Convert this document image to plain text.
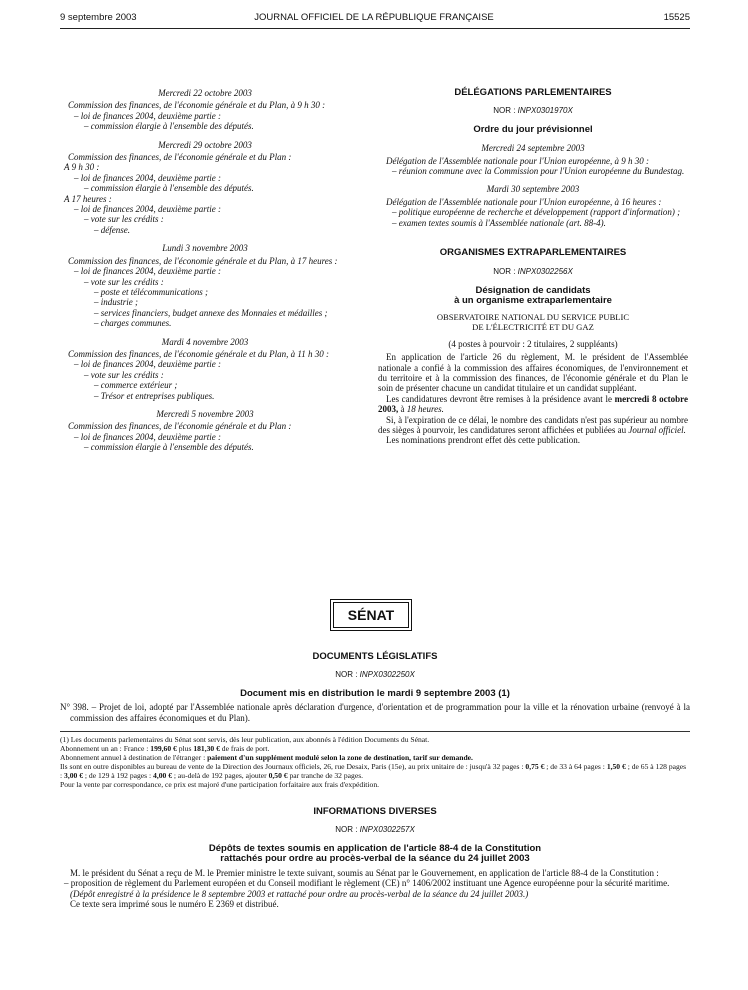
9 septembre 2003	JOURNAL OFFICIEL DE LA RÉPUBLIQUE FRANÇAISE	15525

Mercredi 22 octobre 2003

Commission des finances, de l'économie générale et du Plan, à 9 h 30 :

– loi de finances 2004, deuxième partie :

– commission élargie à l'ensemble des députés.

Mercredi 29 octobre 2003

Commission des finances, de l'économie générale et du Plan :

A 9 h 30 :

– loi de finances 2004, deuxième partie :

– commission élargie à l'ensemble des députés.

A 17 heures :

– loi de finances 2004, deuxième partie :

– vote sur les crédits :

– défense.

Lundi 3 novembre 2003

Commission des finances, de l'économie générale et du Plan, à 17 heures :

– loi de finances 2004, deuxième partie :

– vote sur les crédits :

– poste et télécommunications ;

– industrie ;

– services financiers, budget annexe des Monnaies et médailles ;

– charges communes.

Mardi 4 novembre 2003

Commission des finances, de l'économie générale et du Plan, à 11 h 30 :

– loi de finances 2004, deuxième partie :

– vote sur les crédits :

– commerce extérieur ;

– Trésor et entreprises publiques.

Mercredi 5 novembre 2003

Commission des finances, de l'économie générale et du Plan :

– loi de finances 2004, deuxième partie :

– commission élargie à l'ensemble des députés.

DÉLÉGATIONS PARLEMENTAIRES
NOR : INPX0301970X
Ordre du jour prévisionnel

Mercredi 24 septembre 2003

Délégation de l'Assemblée nationale pour l'Union européenne, à 9 h 30 :

– réunion commune avec la Commission pour l'Union européenne du Bundestag.

Mardi 30 septembre 2003

Délégation de l'Assemblée nationale pour l'Union européenne, à 16 heures :

– politique européenne de recherche et développement (rapport d'information) ;

– examen textes soumis à l'Assemblée nationale (art. 88-4).

ORGANISMES EXTRAPARLEMENTAIRES
NOR : INPX0302256X
Désignation de candidats
à un organisme extraparlementaire
OBSERVATOIRE NATIONAL DU SERVICE PUBLIC
DE L'ÉLECTRICITÉ ET DU GAZ

(4 postes à pourvoir : 2 titulaires, 2 suppléants)

En application de l'article 26 du règlement, M. le président de l'Assemblée nationale a confié à la commission des affaires économiques, de l'environnement et du territoire et à la commission des finances, de l'économie générale et du Plan le soin de présenter chacune un candidat titulaire et un candidat suppléant.

Les candidatures devront être remises à la présidence avant le mercredi 8 octobre 2003, à 18 heures.

Si, à l'expiration de ce délai, le nombre des candidats n'est pas supérieur au nombre des sièges à pourvoir, les candidatures seront affichées et publiées au Journal officiel.

Les nominations prendront effet dès cette publication.

SÉNAT
DOCUMENTS LÉGISLATIFS
NOR : INPX0302250X
Document mis en distribution le mardi 9 septembre 2003 (1)

N° 398. – Projet de loi, adopté par l'Assemblée nationale après déclaration d'urgence, d'orientation et de programmation pour la ville et la rénovation urbaine (renvoyé à la commission des affaires économiques et du Plan).

(1) Les documents parlementaires du Sénat sont servis, dès leur publication, aux abonnés à l'édition Documents du Sénat.

Abonnement un an : France : 199,60 € plus 181,30 € de frais de port.

Abonnement annuel à destination de l'étranger : paiement d'un supplément modulé selon la zone de destination, tarif sur demande.

Ils sont en outre disponibles au bureau de vente de la Direction des Journaux officiels, 26, rue Desaix, Paris (15e), au prix unitaire de : jusqu'à 32 pages : 0,75 € ; de 33 à 64 pages : 1,50 € ; de 65 à 128 pages : 3,00 € ; de 129 à 192 pages : 4,00 € ; au-delà de 192 pages, ajouter 0,50 € par tranche de 32 pages.

Pour la vente par correspondance, ce prix est majoré d'une participation forfaitaire aux frais d'expédition.

INFORMATIONS DIVERSES
NOR : INPX0302257X
Dépôts de textes soumis en application de l'article 88-4 de la Constitution
rattachés pour ordre au procès-verbal de la séance du 24 juillet 2003

M. le président du Sénat a reçu de M. le Premier ministre le texte suivant, soumis au Sénat par le Gouvernement, en application de l'article 88-4 de la Constitution :

– proposition de règlement du Parlement européen et du Conseil modifiant le règlement (CE) n° 1406/2002 instituant une Agence européenne pour la sécurité maritime.

(Dépôt enregistré à la présidence le 8 septembre 2003 et rattaché pour ordre au procès-verbal de la séance du 24 juillet 2003.)

Ce texte sera imprimé sous le numéro E 2369 et distribué.
